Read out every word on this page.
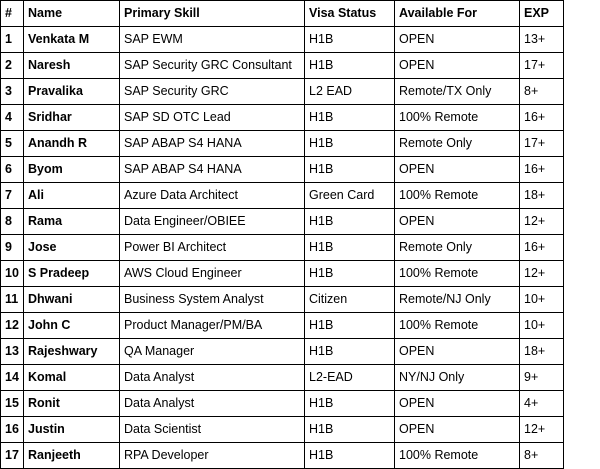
#	Name	Primary Skill	Visa Status	Available For	EXP
1	Venkata M	SAP EWM	H1B	OPEN	13+
2	Naresh	SAP Security GRC Consultant	H1B	OPEN	17+
3	Pravalika	SAP Security GRC	L2 EAD	Remote/TX Only	8+
4	Sridhar	SAP SD OTC Lead	H1B	100% Remote	16+
5	Anandh R	SAP ABAP S4 HANA	H1B	Remote Only	17+
6	Byom	SAP ABAP S4 HANA	H1B	OPEN	16+
7	Ali	Azure Data Architect	Green Card	100% Remote	18+
8	Rama	Data Engineer/OBIEE	H1B	OPEN	12+
9	Jose	Power BI Architect	H1B	Remote Only	16+
10	S Pradeep	AWS Cloud Engineer	H1B	100% Remote	12+
11	Dhwani	Business System Analyst	Citizen	Remote/NJ Only	10+
12	John C	Product Manager/PM/BA	H1B	100% Remote	10+
13	Rajeshwary	QA Manager	H1B	OPEN	18+
14	Komal	Data Analyst	L2-EAD	NY/NJ Only	9+
15	Ronit	Data Analyst	H1B	OPEN	4+
16	Justin	Data Scientist	H1B	OPEN	12+
17	Ranjeeth	RPA Developer	H1B	100% Remote	8+
